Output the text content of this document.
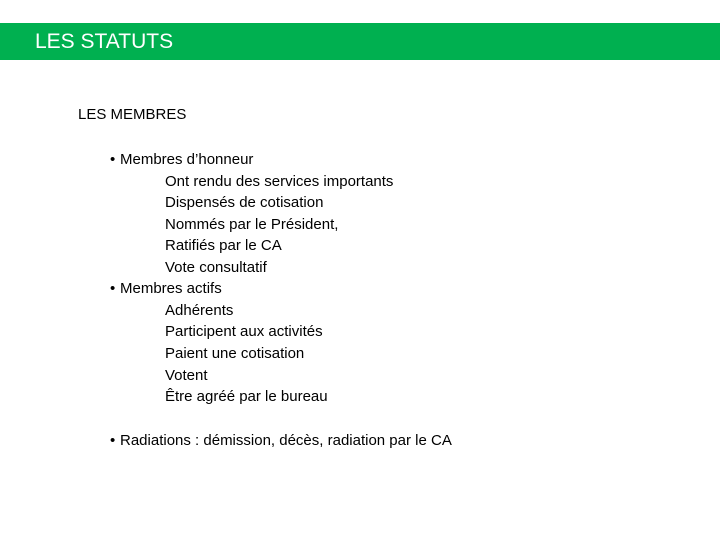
LES STATUTS
LES MEMBRES
• Membres d’honneur
Ont rendu des services importants
Dispensés de cotisation
Nommés par le Président,
Ratifiés par le CA
Vote consultatif
• Membres actifs
Adhérents
Participent aux activités
Paient une cotisation
Votent
Être agréé par le bureau
• Radiations : démission, décès, radiation par le CA
